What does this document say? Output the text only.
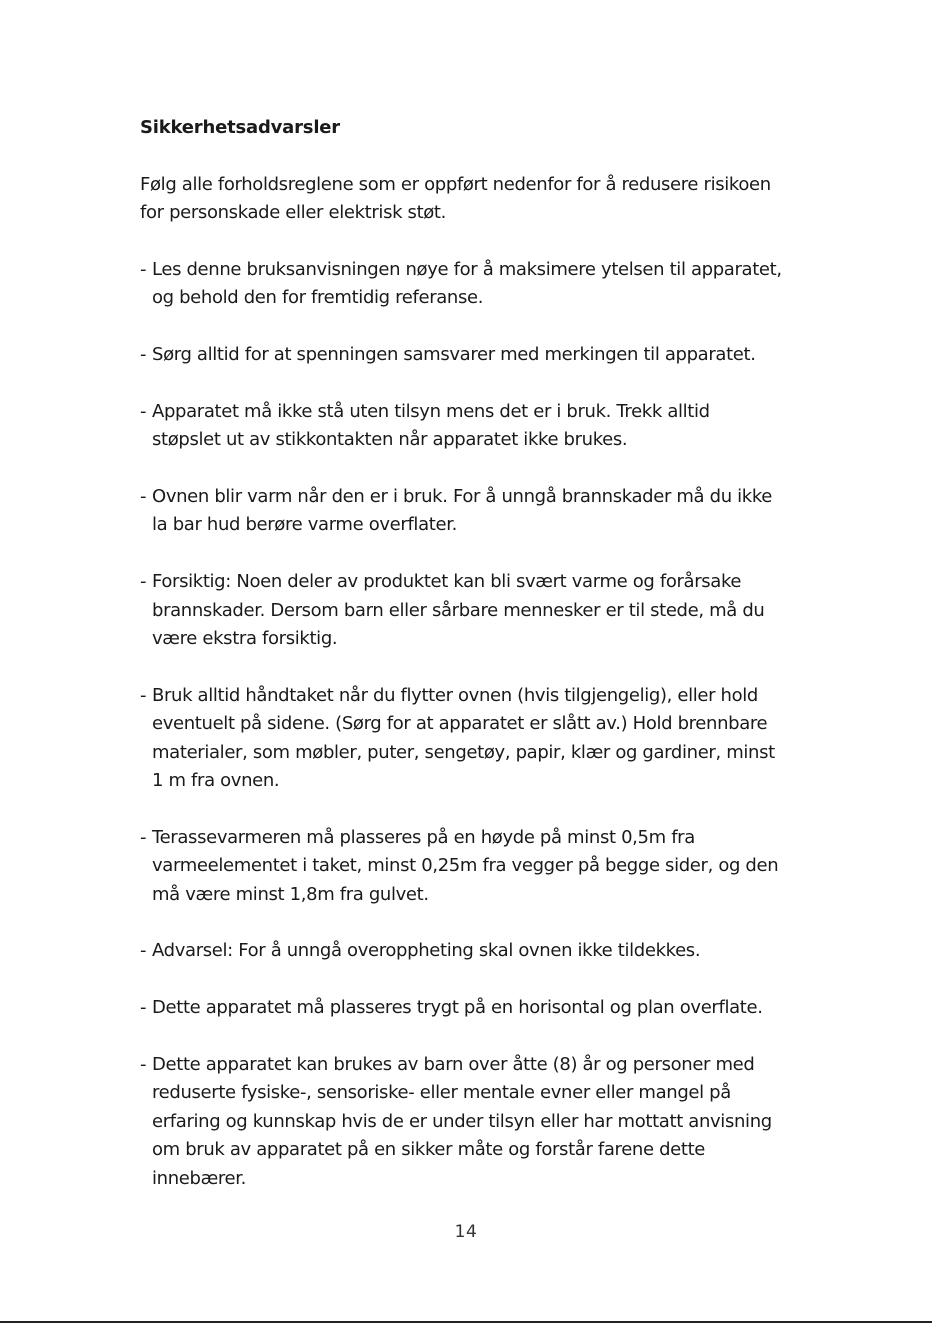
Sikkerhetsadvarsler

Følg alle forholdsreglene som er oppført nedenfor for å redusere risikoen
for personskade eller elektrisk støt.

- Les denne bruksanvisningen nøye for å maksimere ytelsen til apparatet,
og behold den for fremtidig referanse.
- Sørg alltid for at spenningen samsvarer med merkingen til apparatet.
- Apparatet må ikke stå uten tilsyn mens det er i bruk. Trekk alltid
støpslet ut av stikkontakten når apparatet ikke brukes.
- Ovnen blir varm når den er i bruk. For å unngå brannskader må du ikke
la bar hud berøre varme overflater.
- Forsiktig: Noen deler av produktet kan bli svært varme og forårsake
brannskader. Dersom barn eller sårbare mennesker er til stede, må du
være ekstra forsiktig.
- Bruk alltid håndtaket når du flytter ovnen (hvis tilgjengelig), eller hold
eventuelt på sidene. (Sørg for at apparatet er slått av.) Hold brennbare
materialer, som møbler, puter, sengetøy, papir, klær og gardiner, minst
1 m fra ovnen.
- Terassevarmeren må plasseres på en høyde på minst 0,5m fra
varmeelementet i taket, minst 0,25m fra vegger på begge sider, og den
må være minst 1,8m fra gulvet.
- Advarsel: For å unngå overoppheting skal ovnen ikke tildekkes.
- Dette apparatet må plasseres trygt på en horisontal og plan overflate.
- Dette apparatet kan brukes av barn over åtte (8) år og personer med
reduserte fysiske-, sensoriske- eller mentale evner eller mangel på
erfaring og kunnskap hvis de er under tilsyn eller har mottatt anvisning
om bruk av apparatet på en sikker måte og forstår farene dette
innebærer.
14
